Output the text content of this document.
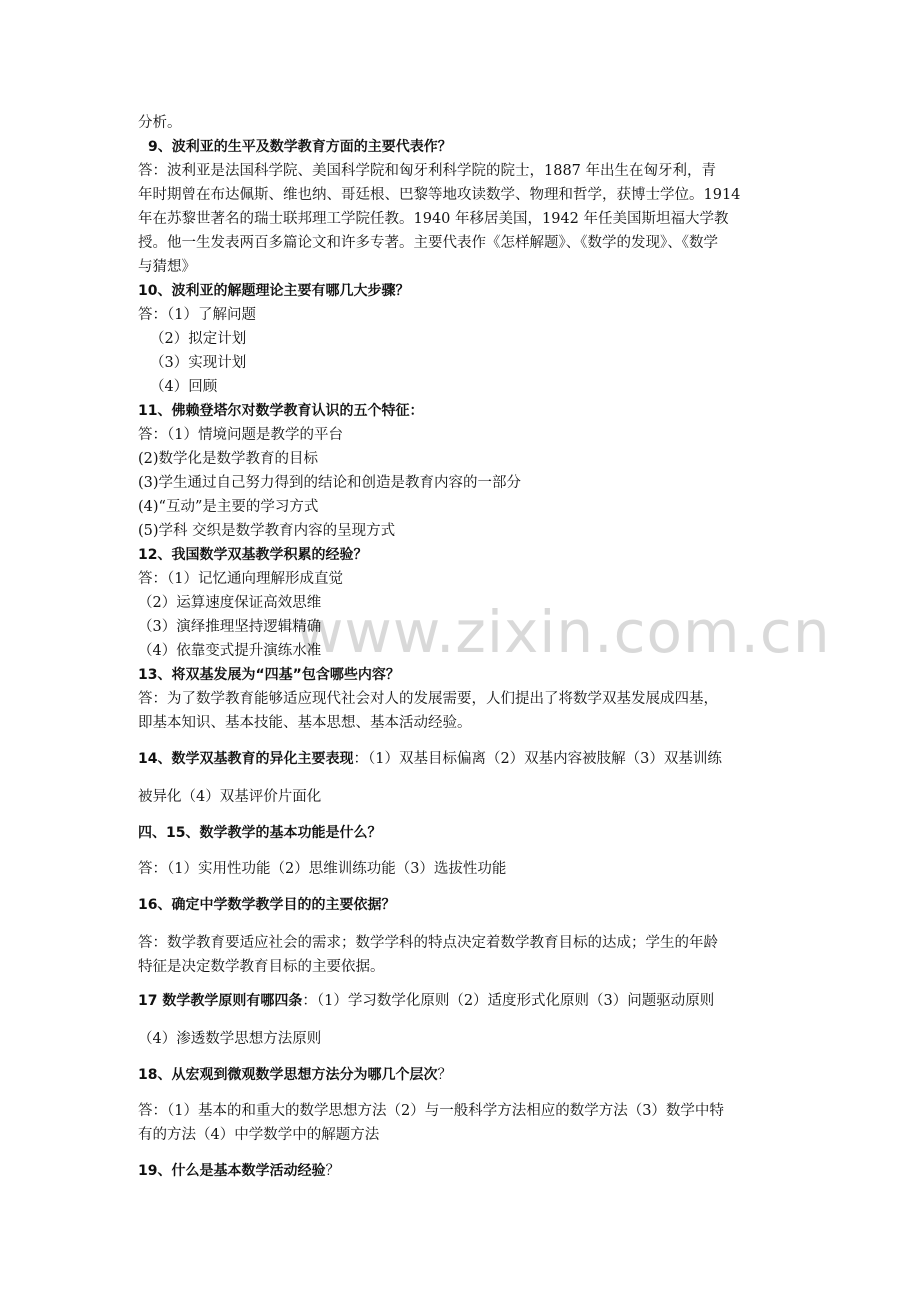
www.zixin.com.cn
分析。
9、波利亚的生平及数学教育方面的主要代表作？
答：波利亚是法国科学院、美国科学院和匈牙利科学院的院士，1887 年出生在匈牙利，青
年时期曾在布达佩斯、维也纳、哥廷根、巴黎等地攻读数学、物理和哲学，获博士学位。1914
年在苏黎世著名的瑞士联邦理工学院任教。1940 年移居美国，1942 年任美国斯坦福大学教
授。他一生发表两百多篇论文和许多专著。主要代表作《怎样解题》、《数学的发现》、《数学
与猜想》
10、波利亚的解题理论主要有哪几大步骤？
答：（1）了解问题
（2）拟定计划
（3）实现计划
（4）回顾
11、佛赖登塔尔对数学教育认识的五个特征：
答：（1）情境问题是教学的平台
(2)数学化是数学教育的目标
(3)学生通过自己努力得到的结论和创造是教育内容的一部分
(4)“互动”是主要的学习方式
(5)学科 交织是数学教育内容的呈现方式
12、我国数学双基教学积累的经验？
答：（1）记忆通向理解形成直觉
（2）运算速度保证高效思维
（3）演绎推理坚持逻辑精确
（4）依靠变式提升演练水准
13、将双基发展为“四基”包含哪些内容？
答：为了数学教育能够适应现代社会对人的发展需要，人们提出了将数学双基发展成四基，
即基本知识、基本技能、基本思想、基本活动经验。
14、数学双基教育的异化主要表现：（1）双基目标偏离（2）双基内容被肢解（3）双基训练
被异化（4）双基评价片面化
四、15、数学教学的基本功能是什么？
答：（1）实用性功能（2）思维训练功能（3）选拔性功能
16、确定中学数学教学目的的主要依据？
答：数学教育要适应社会的需求；数学学科的特点决定着数学教育目标的达成；学生的年龄
特征是决定数学教育目标的主要依据。
17 数学教学原则有哪四条：（1）学习数学化原则（2）适度形式化原则（3）问题驱动原则
（4）渗透数学思想方法原则
18、从宏观到微观数学思想方法分为哪几个层次？
答：（1）基本的和重大的数学思想方法（2）与一般科学方法相应的数学方法（3）数学中特
有的方法（4）中学数学中的解题方法
19、什么是基本数学活动经验？
